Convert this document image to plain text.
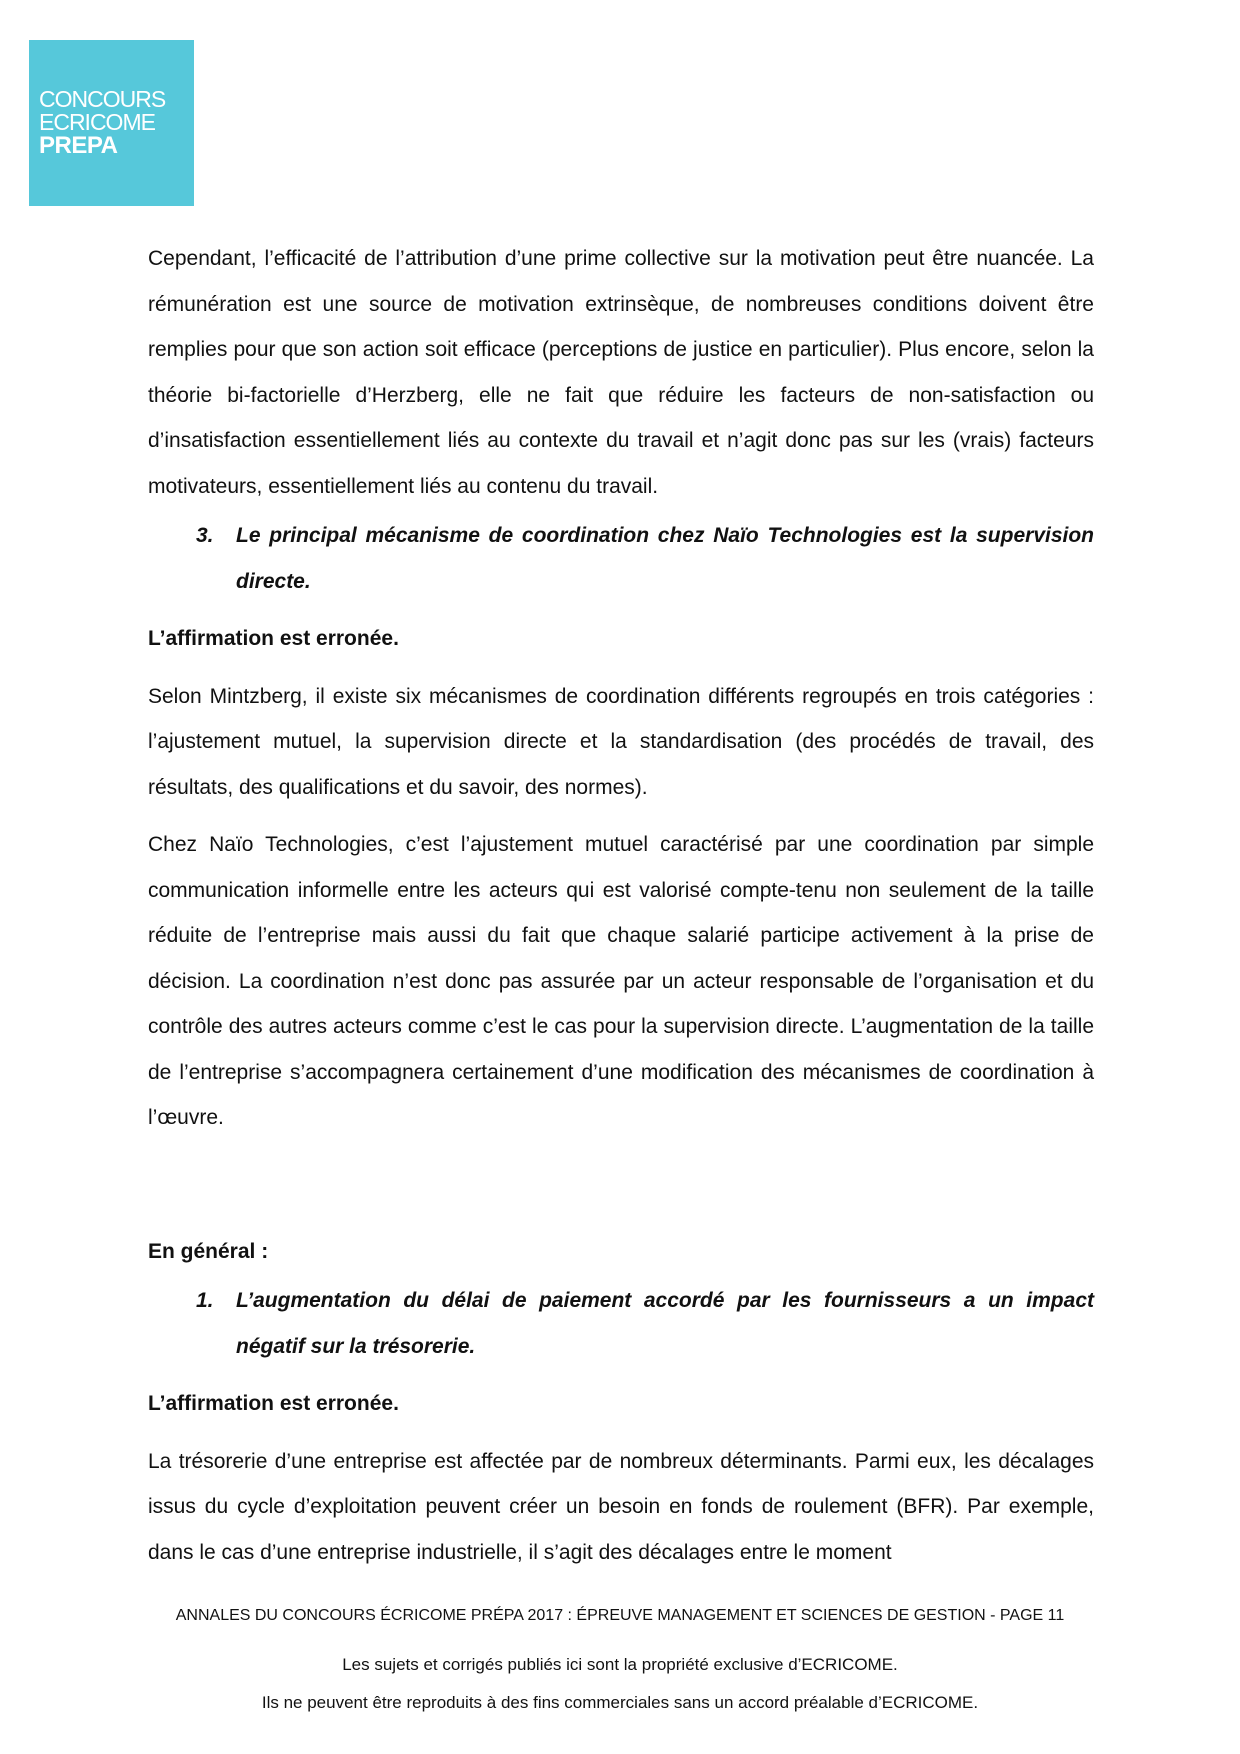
CONCOURS
ECRICOME
PREPA

Cependant, l’efficacité de l’attribution d’une prime collective sur la motivation peut être nuancée. La rémunération est une source de motivation extrinsèque, de nombreuses conditions doivent être remplies pour que son action soit efficace (perceptions de justice en particulier). Plus encore, selon la théorie bi-factorielle d’Herzberg, elle ne fait que réduire les facteurs de non-satisfaction ou d’insatisfaction essentiellement liés au contexte du travail et n’agit donc pas sur les (vrais) facteurs motivateurs, essentiellement liés au contenu du travail.

3. Le principal mécanisme de coordination chez Naïo Technologies est la supervision directe.

L’affirmation est erronée.

Selon Mintzberg, il existe six mécanismes de coordination différents regroupés en trois catégories : l’ajustement mutuel, la supervision directe et la standardisation (des procédés de travail, des résultats, des qualifications et du savoir, des normes).

Chez Naïo Technologies, c’est l’ajustement mutuel caractérisé par une coordination par simple communication informelle entre les acteurs qui est valorisé compte-tenu non seulement de la taille réduite de l’entreprise mais aussi du fait que chaque salarié participe activement à la prise de décision. La coordination n’est donc pas assurée par un acteur responsable de l’organisation et du contrôle des autres acteurs comme c’est le cas pour la supervision directe. L’augmentation de la taille de l’entreprise s’accompagnera certainement d’une modification des mécanismes de coordination à l’œuvre.

En général :

1. L’augmentation du délai de paiement accordé par les fournisseurs a un impact négatif sur la trésorerie.

L’affirmation est erronée.

La trésorerie d’une entreprise est affectée par de nombreux déterminants. Parmi eux, les décalages issus du cycle d’exploitation peuvent créer un besoin en fonds de roulement (BFR). Par exemple, dans le cas d’une entreprise industrielle, il s’agit des décalages entre le moment

ANNALES DU CONCOURS ÉCRICOME PRÉPA 2017 : ÉPREUVE MANAGEMENT ET SCIENCES DE GESTION - PAGE 11
Les sujets et corrigés publiés ici sont la propriété exclusive d’ECRICOME.
Ils ne peuvent être reproduits à des fins commerciales sans un accord préalable d’ECRICOME.
